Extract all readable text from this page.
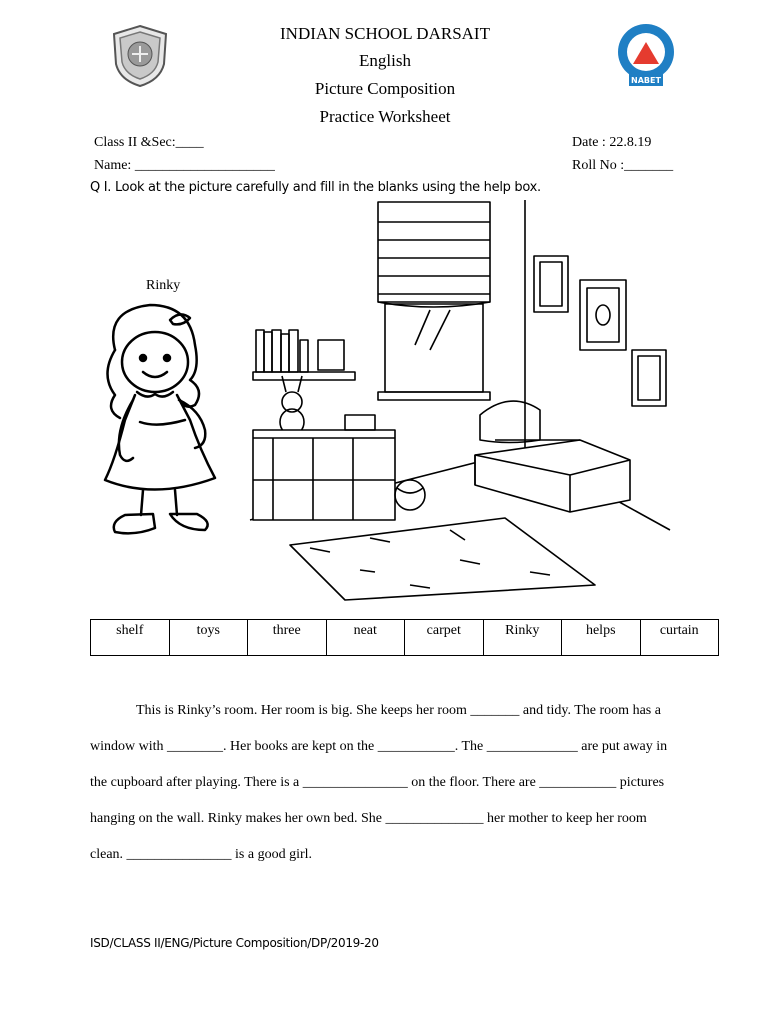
NABET
INDIAN SCHOOL DARSAIT
English
Picture Composition
Practice Worksheet
Class II &Sec:____
Name: ____________________
Date : 22.8.19
Roll No :_______
Q I. Look at the picture carefully and fill in the blanks using the help box.
Rinky
shelf	toys	three	neat	carpet	Rinky	helps	curtain
This is Rinky’s room. Her room is big. She keeps her room _______ and tidy. The room has a
window with ________. Her books are kept on the ___________. The _____________ are put away in
the cupboard after playing. There is a _______________ on the floor. There are ___________ pictures
hanging on the wall. Rinky makes her own bed. She ______________ her mother to keep her room
clean. _______________ is a good girl.
ISD/CLASS II/ENG/Picture Composition/DP/2019-20
